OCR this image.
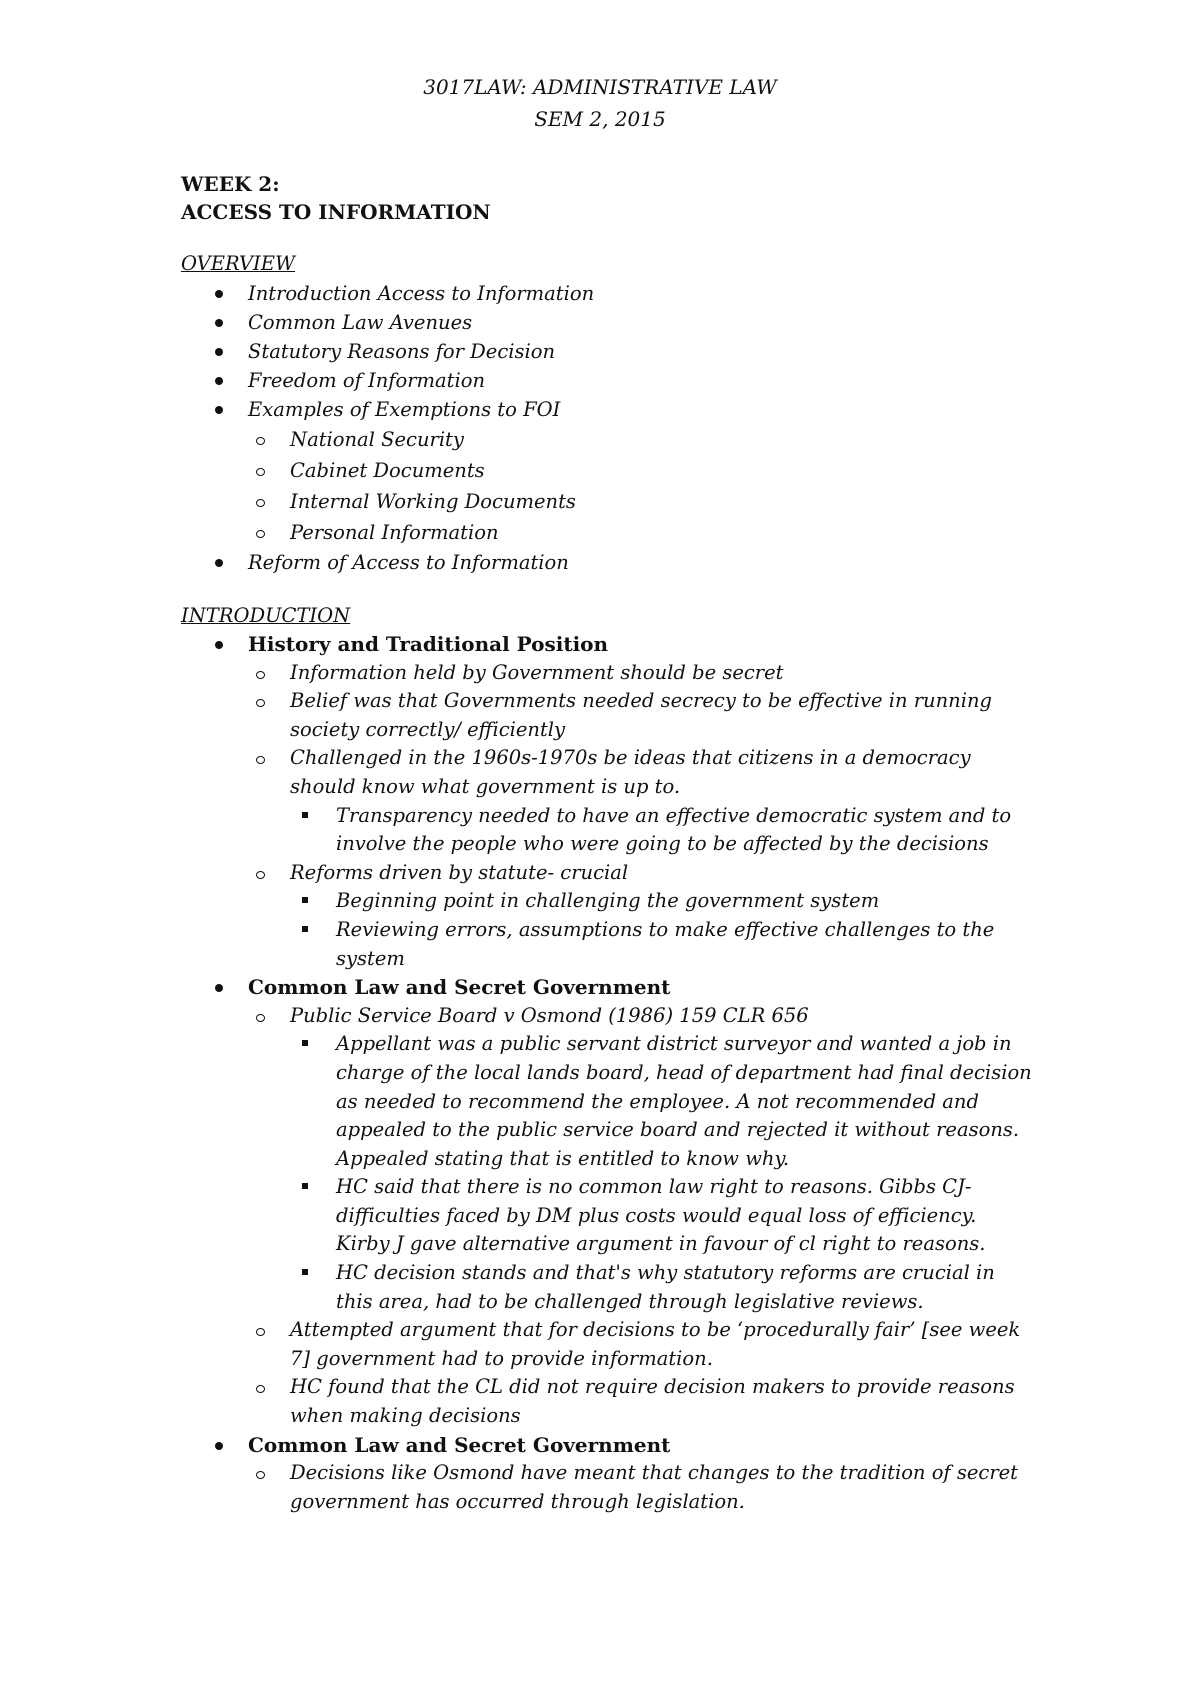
3017LAW: ADMINISTRATIVE LAW
SEM 2, 2015
WEEK 2:
ACCESS TO INFORMATION
OVERVIEW
Introduction Access to Information
Common Law Avenues
Statutory Reasons for Decision
Freedom of Information
Examples of Exemptions to FOI
National Security
Cabinet Documents
Internal Working Documents
Personal Information
Reform of Access to Information
INTRODUCTION
History and Traditional Position
Information held by Government should be secret
Belief was that Governments needed secrecy to be effective in running society correctly/ efficiently
Challenged in the 1960s-1970s be ideas that citizens in a democracy should know what government is up to.
Transparency needed to have an effective democratic system and to involve the people who were going to be affected by the decisions
Reforms driven by statute- crucial
Beginning point in challenging the government system
Reviewing errors, assumptions to make effective challenges to the system
Common Law and Secret Government
Public Service Board v Osmond (1986) 159 CLR 656
Appellant was a public servant district surveyor and wanted a job in charge of the local lands board, head of department had final decision as needed to recommend the employee. A not recommended and appealed to the public service board and rejected it without reasons. Appealed stating that is entitled to know why.
HC said that there is no common law right to reasons. Gibbs CJ- difficulties faced by DM plus costs would equal loss of efficiency. Kirby J gave alternative argument in favour of cl right to reasons.
HC decision stands and that's why statutory reforms are crucial in this area, had to be challenged through legislative reviews.
Attempted argument that for decisions to be ‘procedurally fair’ [see week 7] government had to provide information.
HC found that the CL did not require decision makers to provide reasons when making decisions
Common Law and Secret Government
Decisions like Osmond have meant that changes to the tradition of secret government has occurred through legislation.
